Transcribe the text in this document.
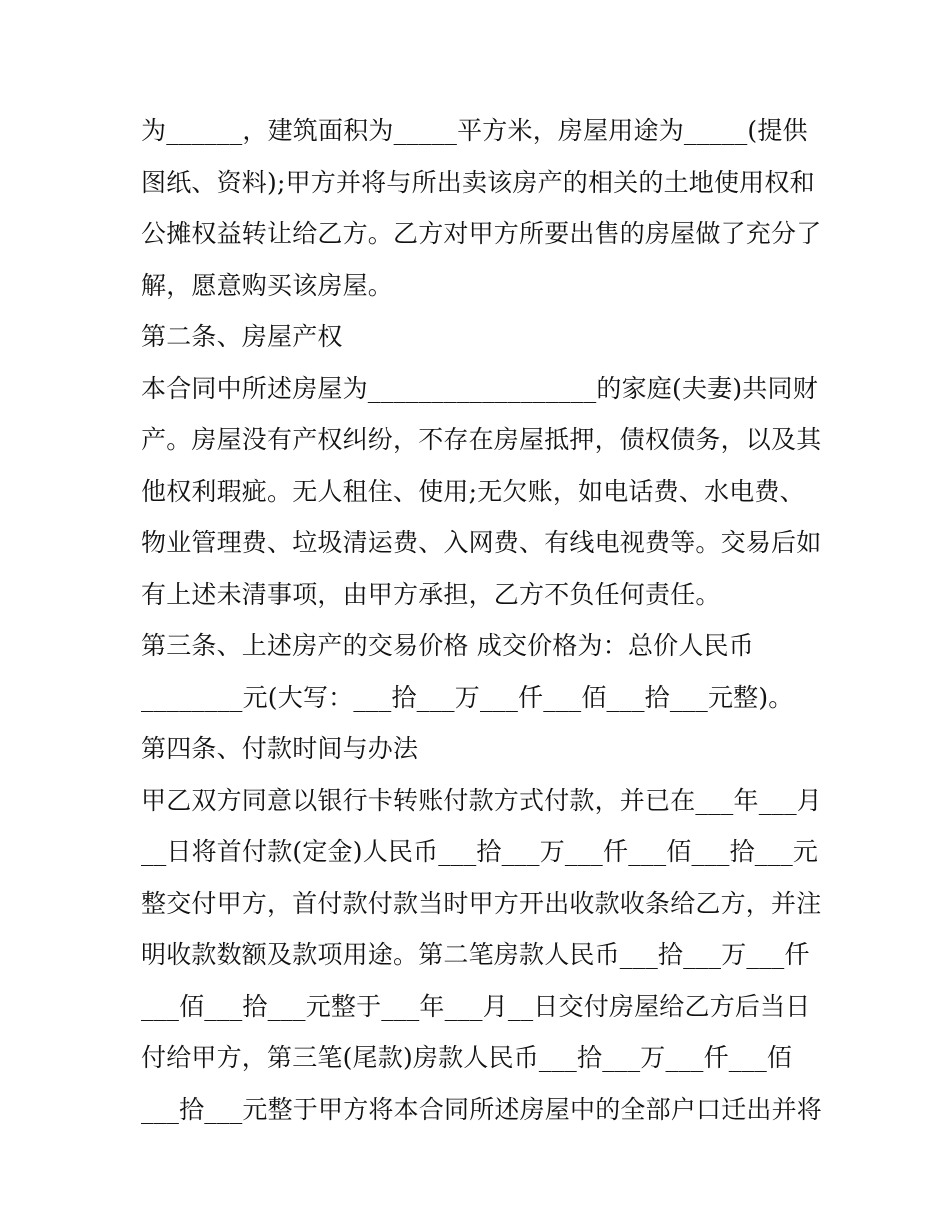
为______，建筑面积为_____平方米，房屋用途为_____(提供
图纸、资料);甲方并将与所出卖该房产的相关的土地使用权和
公摊权益转让给乙方。乙方对甲方所要出售的房屋做了充分了
解，愿意购买该房屋。
第二条、房屋产权
本合同中所述房屋为__________________的家庭(夫妻)共同财
产。房屋没有产权纠纷，不存在房屋抵押，债权债务，以及其
他权利瑕疵。无人租住、使用;无欠账，如电话费、水电费、
物业管理费、垃圾清运费、入网费、有线电视费等。交易后如
有上述未清事项，由甲方承担，乙方不负任何责任。
第三条、上述房产的交易价格 成交价格为：总价人民币
________元(大写：___拾___万___仟___佰___拾___元整)。
第四条、付款时间与办法
甲乙双方同意以银行卡转账付款方式付款，并已在___年___月
__日将首付款(定金)人民币___拾___万___仟___佰___拾___元
整交付甲方，首付款付款当时甲方开出收款收条给乙方，并注
明收款数额及款项用途。第二笔房款人民币___拾___万___仟
___佰___拾___元整于___年___月__日交付房屋给乙方后当日
付给甲方，第三笔(尾款)房款人民币___拾___万___仟___佰
___拾___元整于甲方将本合同所述房屋中的全部户口迁出并将
